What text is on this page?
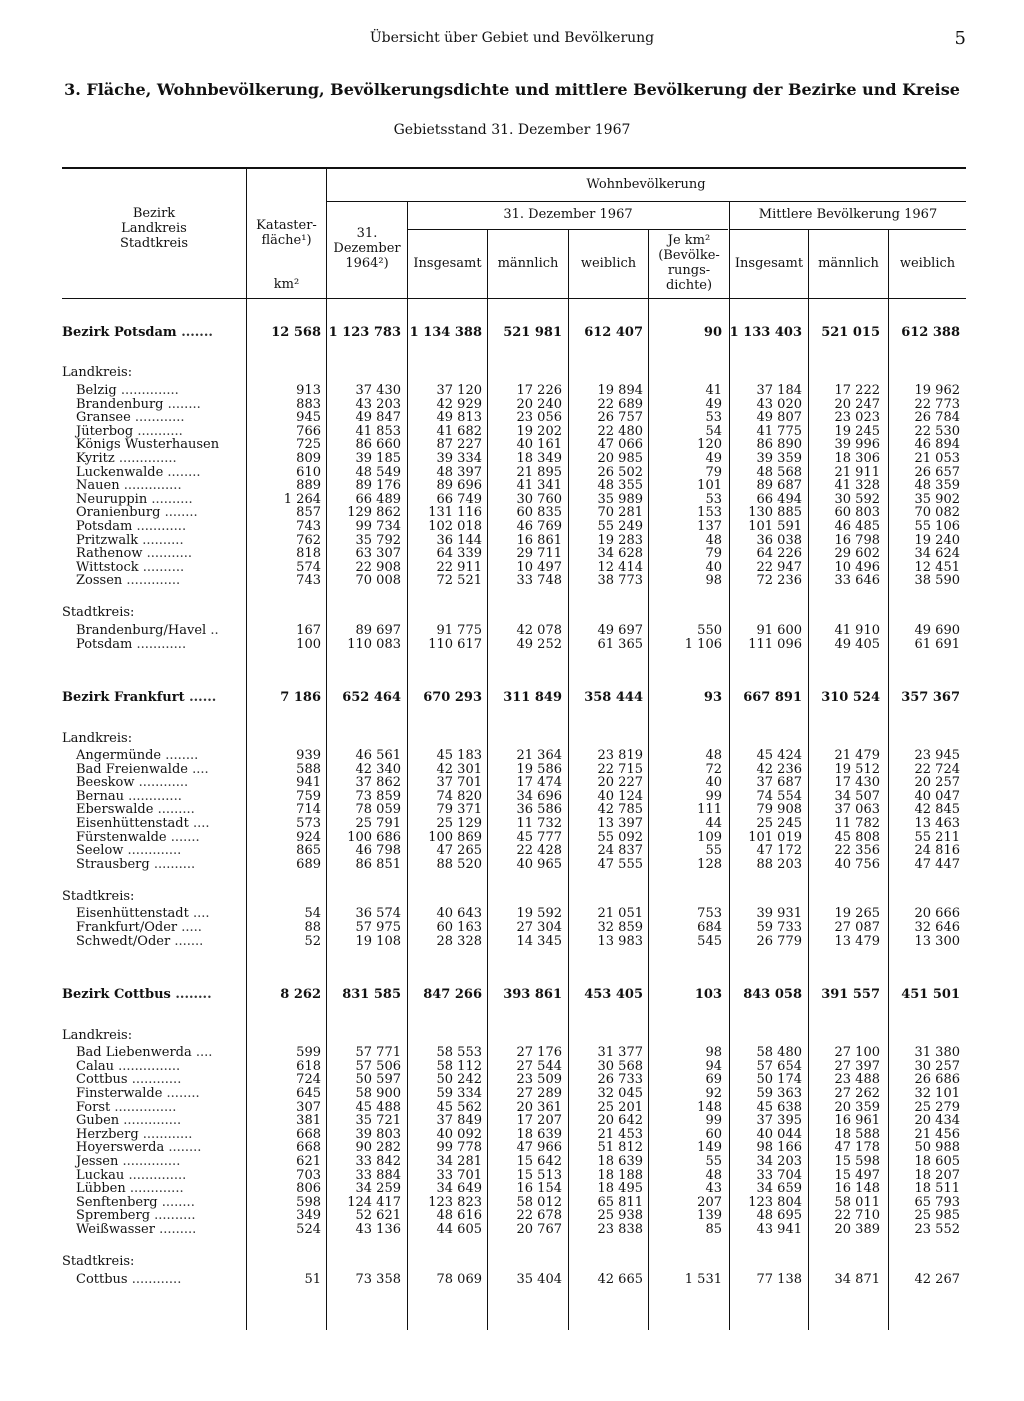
Übersicht über Gebiet und Bevölkerung	5
3. Fläche, Wohnbevölkerung, Bevölkerungsdichte und mittlere Bevölkerung der Bezirke und Kreise
Gebietsstand 31. Dezember 1967
Bezirk
Landkreis
Stadtkreis
Kataster-
fläche¹)
km²
Wohnbevölkerung
31.
Dezember
1964²)
31. Dezember 1967	Mittlere Bevölkerung 1967
Insgesamt	männlich	weiblich
Je km²
(Bevölke-
rungs-
dichte)
Insgesamt	männlich	weiblich
Bezirk Potsdam .......		12 568	1 123 783	1 134 388	521 981	612 407	90	1 133 403	521 015	612 388
Landkreis:									
Belzig ..............		913	37 430	37 120	17 226	19 894	41	37 184	17 222	19 962
Brandenburg ........		883	43 203	42 929	20 240	22 689	49	43 020	20 247	22 773
Gransee ............		945	49 847	49 813	23 056	26 757	53	49 807	23 023	26 784
Jüterbog ...........		766	41 853	41 682	19 202	22 480	54	41 775	19 245	22 530
Königs Wusterhausen		725	86 660	87 227	40 161	47 066	120	86 890	39 996	46 894
Kyritz ..............		809	39 185	39 334	18 349	20 985	49	39 359	18 306	21 053
Luckenwalde ........		610	48 549	48 397	21 895	26 502	79	48 568	21 911	26 657
Nauen ..............		889	89 176	89 696	41 341	48 355	101	89 687	41 328	48 359
Neuruppin ..........		1 264	66 489	66 749	30 760	35 989	53	66 494	30 592	35 902
Oranienburg ........		857	129 862	131 116	60 835	70 281	153	130 885	60 803	70 082
Potsdam ............		743	99 734	102 018	46 769	55 249	137	101 591	46 485	55 106
Pritzwalk ..........		762	35 792	36 144	16 861	19 283	48	36 038	16 798	19 240
Rathenow ...........		818	63 307	64 339	29 711	34 628	79	64 226	29 602	34 624
Wittstock ..........		574	22 908	22 911	10 497	12 414	40	22 947	10 496	12 451
Zossen .............		743	70 008	72 521	33 748	38 773	98	72 236	33 646	38 590
Stadtkreis:									
Brandenburg/Havel ..		167	89 697	91 775	42 078	49 697	550	91 600	41 910	49 690
Potsdam ............		100	110 083	110 617	49 252	61 365	1 106	111 096	49 405	61 691

Bezirk Frankfurt ......		7 186	652 464	670 293	311 849	358 444	93	667 891	310 524	357 367
Landkreis:									
Angermünde ........		939	46 561	45 183	21 364	23 819	48	45 424	21 479	23 945
Bad Freienwalde ....		588	42 340	42 301	19 586	22 715	72	42 236	19 512	22 724
Beeskow ............		941	37 862	37 701	17 474	20 227	40	37 687	17 430	20 257
Bernau .............		759	73 859	74 820	34 696	40 124	99	74 554	34 507	40 047
Eberswalde .........		714	78 059	79 371	36 586	42 785	111	79 908	37 063	42 845
Eisenhüttenstadt ....		573	25 791	25 129	11 732	13 397	44	25 245	11 782	13 463
Fürstenwalde .......		924	100 686	100 869	45 777	55 092	109	101 019	45 808	55 211
Seelow .............		865	46 798	47 265	22 428	24 837	55	47 172	22 356	24 816
Strausberg ..........		689	86 851	88 520	40 965	47 555	128	88 203	40 756	47 447
Stadtkreis:									
Eisenhüttenstadt ....		54	36 574	40 643	19 592	21 051	753	39 931	19 265	20 666
Frankfurt/Oder .....		88	57 975	60 163	27 304	32 859	684	59 733	27 087	32 646
Schwedt/Oder .......		52	19 108	28 328	14 345	13 983	545	26 779	13 479	13 300

Bezirk Cottbus ........		8 262	831 585	847 266	393 861	453 405	103	843 058	391 557	451 501
Landkreis:									
Bad Liebenwerda ....		599	57 771	58 553	27 176	31 377	98	58 480	27 100	31 380
Calau ...............		618	57 506	58 112	27 544	30 568	94	57 654	27 397	30 257
Cottbus ............		724	50 597	50 242	23 509	26 733	69	50 174	23 488	26 686
Finsterwalde ........		645	58 900	59 334	27 289	32 045	92	59 363	27 262	32 101
Forst ...............		307	45 488	45 562	20 361	25 201	148	45 638	20 359	25 279
Guben ..............		381	35 721	37 849	17 207	20 642	99	37 395	16 961	20 434
Herzberg ............		668	39 803	40 092	18 639	21 453	60	40 044	18 588	21 456
Hoyerswerda ........		668	90 282	99 778	47 966	51 812	149	98 166	47 178	50 988
Jessen ..............		621	33 842	34 281	15 642	18 639	55	34 203	15 598	18 605
Luckau ..............		703	33 884	33 701	15 513	18 188	48	33 704	15 497	18 207
Lübben .............		806	34 259	34 649	16 154	18 495	43	34 659	16 148	18 511
Senftenberg ........		598	124 417	123 823	58 012	65 811	207	123 804	58 011	65 793
Spremberg ..........		349	52 621	48 616	22 678	25 938	139	48 695	22 710	25 985
Weißwasser .........		524	43 136	44 605	20 767	23 838	85	43 941	20 389	23 552
Stadtkreis:									
Cottbus ............		51	73 358	78 069	35 404	42 665	1 531	77 138	34 871	42 267
